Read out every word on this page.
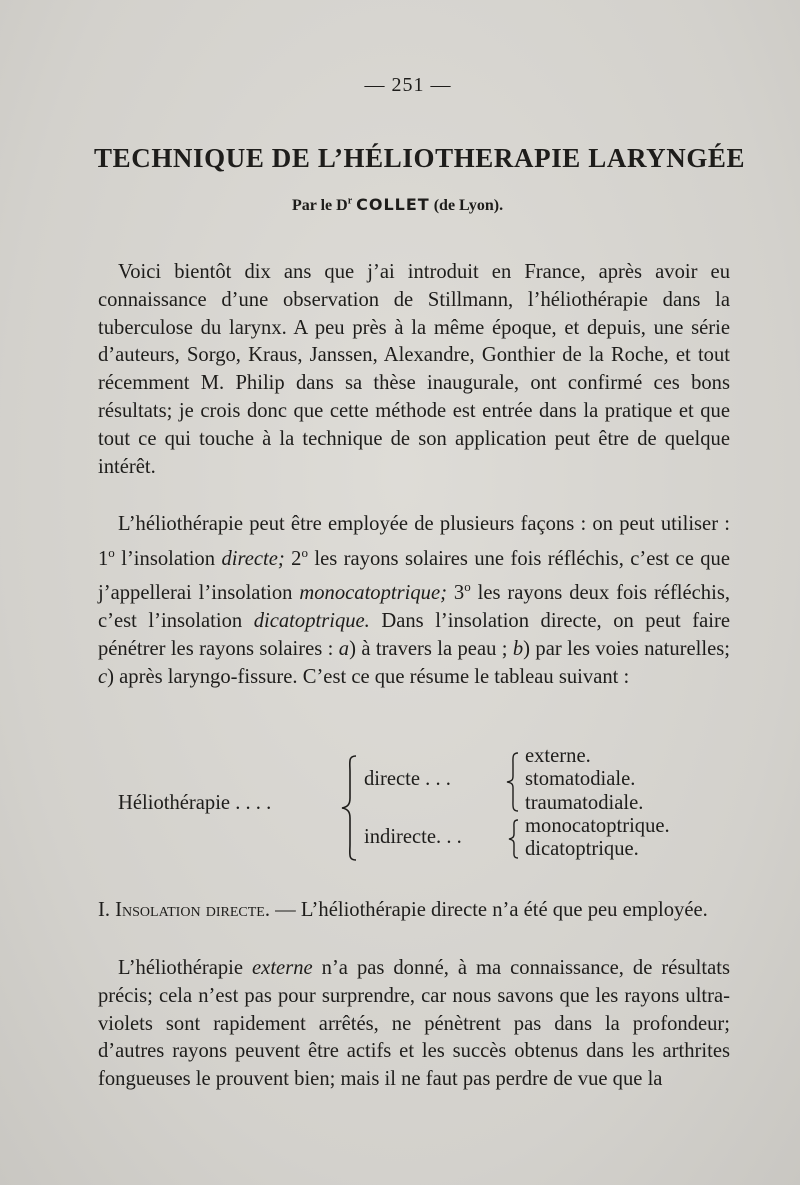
— 251 —
TECHNIQUE DE L’HÉLIOTHERAPIE LARYNGÉE
Par le $D^r$ COLLET (de Lyon).
Voici bientôt dix ans que j’ai introduit en France, après avoir eu connaissance d’une observation de Stillmann, l’héliothérapie dans la tuberculose du larynx. A peu près à la même époque, et depuis, une série d’auteurs, Sorgo, Kraus, Janssen, Alexandre, Gonthier de la Roche, et tout récemment M. Philip dans sa thèse inaugurale, ont confirmé ces bons résultats; je crois donc que cette méthode est entrée dans la pratique et que tout ce qui touche à la technique de son application peut être de quelque intérêt.
L’héliothérapie peut être employée de plusieurs façons : on peut utiliser : 1$^o$ l’insolation directe; 2$^o$ les rayons solaires une fois réfléchis, c’est ce que j’appellerai l’insolation monocatoptrique; 3$^o$ les rayons deux fois réfléchis, c’est l’insolation dicatoptrique. Dans l’insolation directe, on peut faire pénétrer les rayons solaires : a) à travers la peau ; b) par les voies naturelles; c) après laryngo-fissure. C’est ce que résume le tableau suivant :
Héliothérapie . . . .
directe . . .
indirecte. . .
externe.
stomatodiale.
traumatodiale.
monocatoptrique.
dicatoptrique.
I. Insolation directe. — L’héliothérapie directe n’a été que peu employée.
L’héliothérapie externe n’a pas donné, à ma connaissance, de résultats précis; cela n’est pas pour surprendre, car nous savons que les rayons ultra-violets sont rapidement arrêtés, ne pénètrent pas dans la profondeur; d’autres rayons peuvent être actifs et les succès obtenus dans les arthrites fongueuses le prouvent bien; mais il ne faut pas perdre de vue que la
